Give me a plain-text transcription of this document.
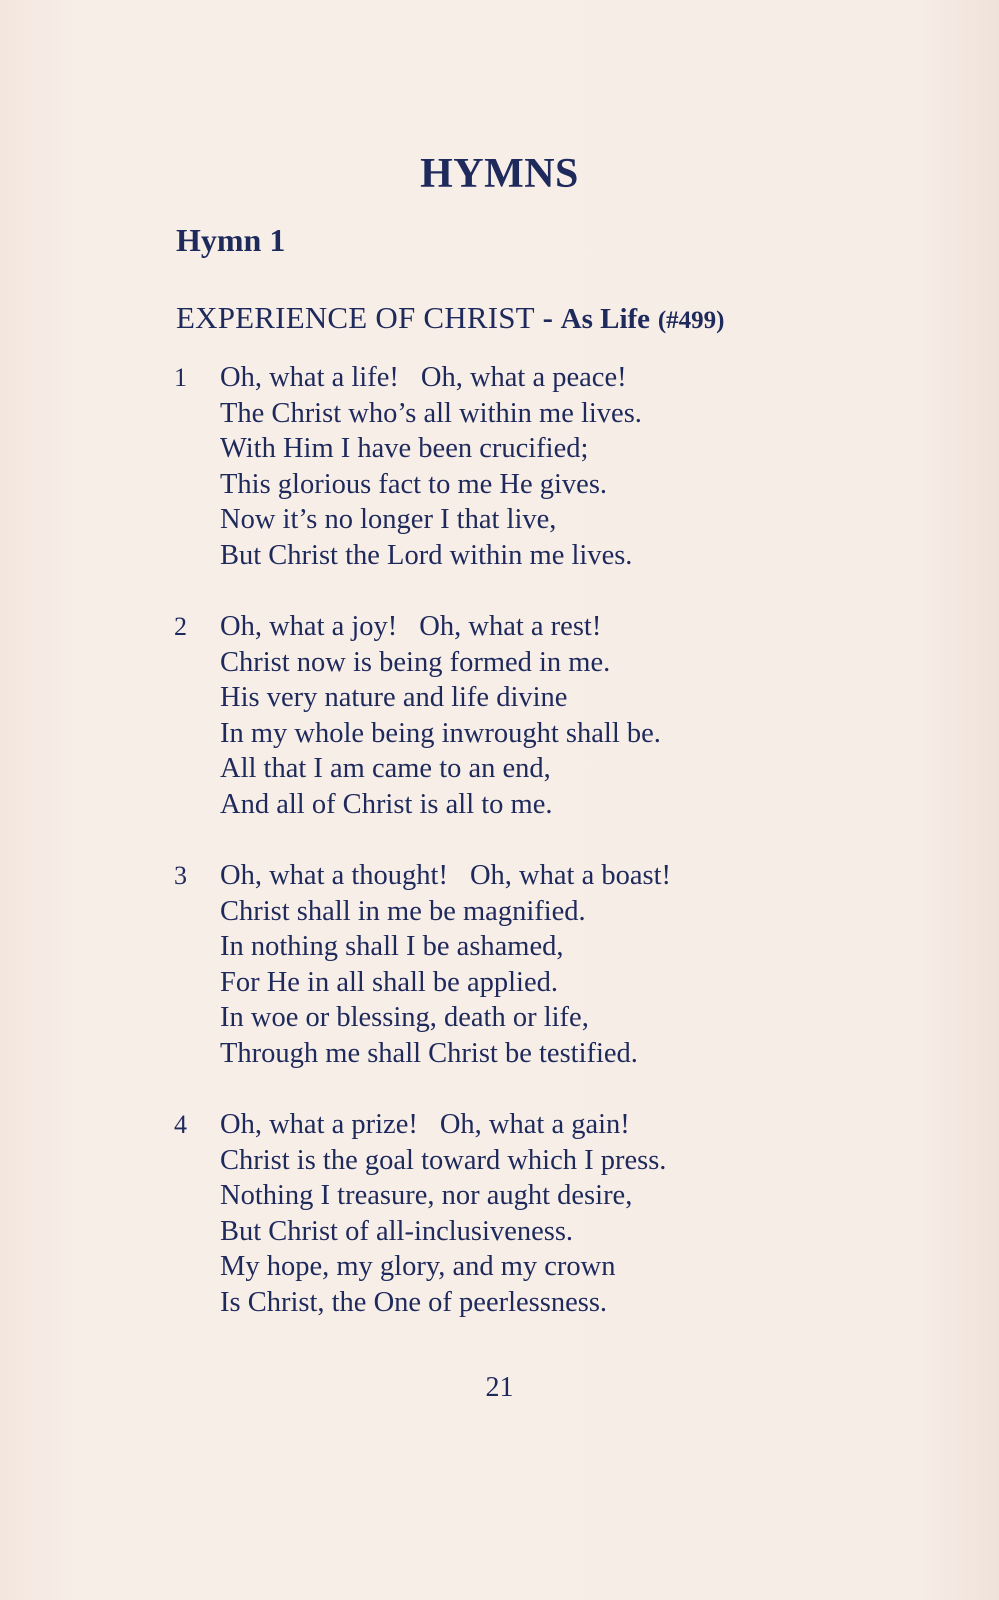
HYMNS
Hymn 1
EXPERIENCE OF CHRIST - As Life (#499)
1 Oh, what a life! Oh, what a peace!
The Christ who’s all within me lives.
With Him I have been crucified;
This glorious fact to me He gives.
Now it’s no longer I that live,
But Christ the Lord within me lives.
2 Oh, what a joy! Oh, what a rest!
Christ now is being formed in me.
His very nature and life divine
In my whole being inwrought shall be.
All that I am came to an end,
And all of Christ is all to me.
3 Oh, what a thought! Oh, what a boast!
Christ shall in me be magnified.
In nothing shall I be ashamed,
For He in all shall be applied.
In woe or blessing, death or life,
Through me shall Christ be testified.
4 Oh, what a prize! Oh, what a gain!
Christ is the goal toward which I press.
Nothing I treasure, nor aught desire,
But Christ of all-inclusiveness.
My hope, my glory, and my crown
Is Christ, the One of peerlessness.

21
